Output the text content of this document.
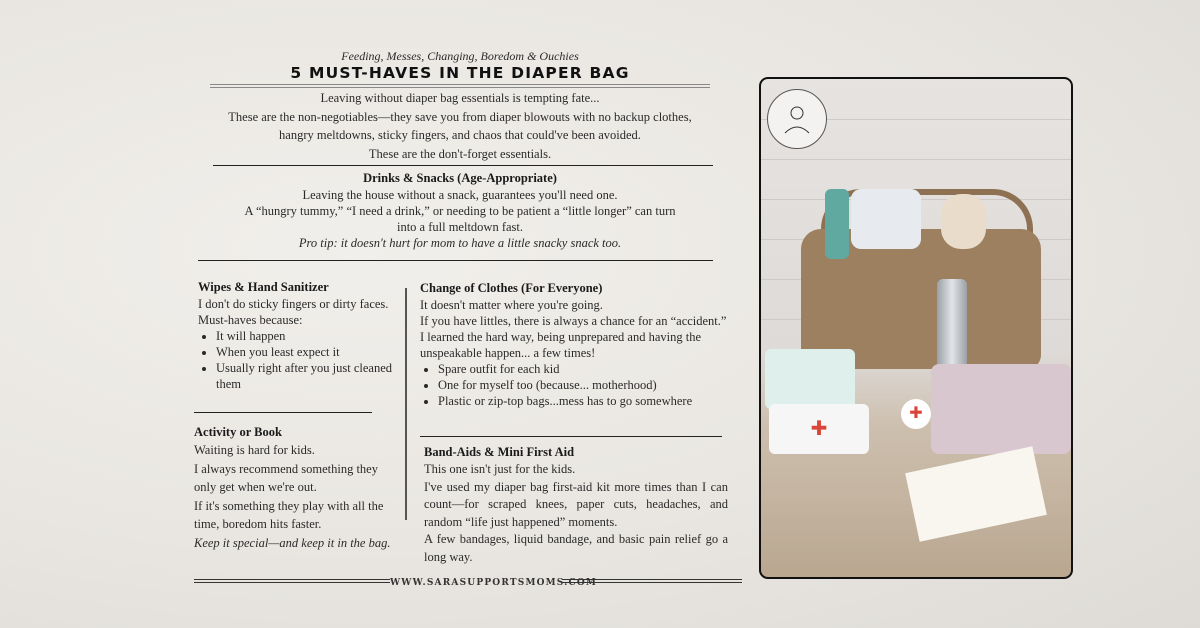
Feeding, Messes, Changing, Boredom & Ouchies
5 MUST-HAVES IN THE DIAPER BAG

Leaving without diaper bag essentials is tempting fate...

These are the non-negotiables—they save you from diaper blowouts with no backup clothes,

hangry meltdowns, sticky fingers, and chaos that could've been avoided.

These are the don't-forget essentials.

Drinks & Snacks (Age-Appropriate)

Leaving the house without a snack, guarantees you'll need one.

A “hungry tummy,” “I need a drink,” or needing to be patient a “little longer” can turn

into a full meltdown fast.

Pro tip: it doesn't hurt for mom to have a little snacky snack too.

Wipes & Hand Sanitizer

I don't do sticky fingers or dirty faces.

Must-haves because:

• It will happen
• When you least expect it
• Usually right after you just cleaned them
Activity or Book

Waiting is hard for kids.

I always recommend something they only get when we're out.

If it's something they play with all the time, boredom hits faster.

Keep it special—and keep it in the bag.

Change of Clothes (For Everyone)

It doesn't matter where you're going.

If you have littles, there is always a chance for an “accident.”

I learned the hard way, being unprepared and having the unspeakable happen... a few times!

• Spare outfit for each kid
• One for myself too (because... motherhood)
• Plastic or zip-top bags...mess has to go somewhere
Band-Aids & Mini First Aid

This one isn't just for the kids.

I've used my diaper bag first-aid kit more times than I can count—for scraped knees, paper cuts, headaches, and random “life just happened” moments.

A few bandages, liquid bandage, and basic pain relief go a long way.

WWW.SARASUPPORTSMOMS.COM
✚
✚
